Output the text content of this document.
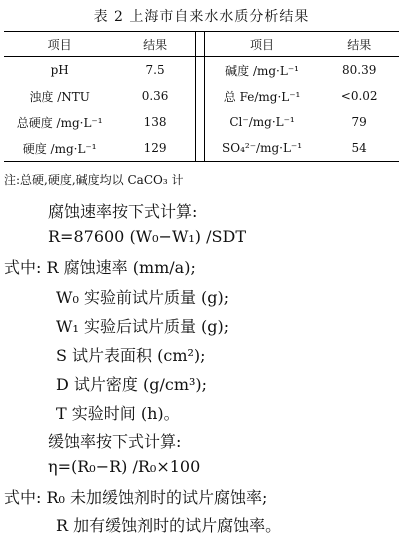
表 2 上海市自来水水质分析结果
项目	结果		项目	结果
pH	7.5		碱度 /mg·L⁻¹	80.39
浊度 /NTU	0.36		总 Fe/mg·L⁻¹	<0.02
总硬度 /mg·L⁻¹	138		Cl⁻/mg·L⁻¹	79
硬度 /mg·L⁻¹	129		SO₄²⁻/mg·L⁻¹	54
注:总硬,硬度,碱度均以 CaCO₃ 计
腐蚀速率按下式计算:
R=87600 (W₀−W₁) /SDT
式中: R 腐蚀速率 (mm/a);
W₀ 实验前试片质量 (g);
W₁ 实验后试片质量 (g);
S 试片表面积 (cm²);
D 试片密度 (g/cm³);
T 实验时间 (h)。
缓蚀率按下式计算:
η=(R₀−R) /R₀×100
式中: R₀ 未加缓蚀剂时的试片腐蚀率;
R 加有缓蚀剂时的试片腐蚀率。
